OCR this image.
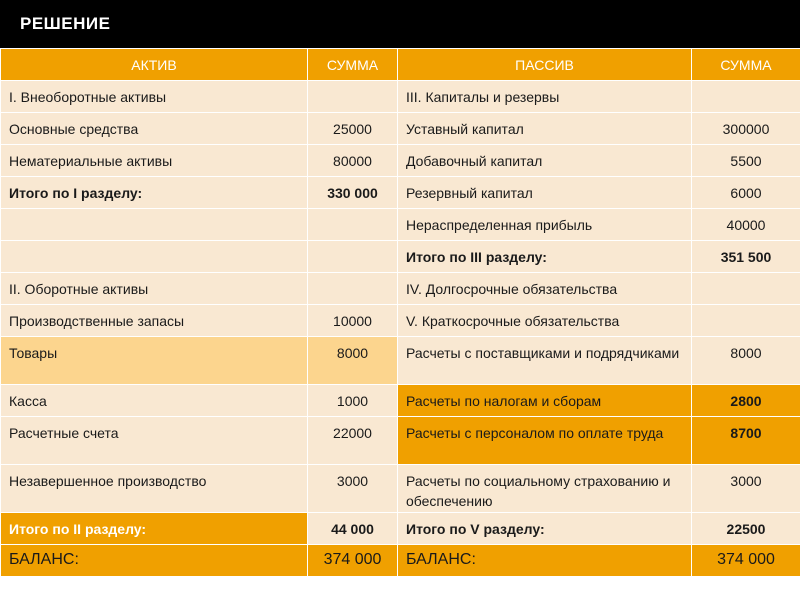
РЕШЕНИЕ
АКТИВ	СУММА	ПАССИВ	СУММА
I. Внеоборотные активы		III. Капиталы и резервы	
Основные средства	25000	Уставный капитал	300000
Нематериальные активы	80000	Добавочный капитал	5500
Итого по I разделу:	330 000	Резервный капитал	6000
		Нераспределенная прибыль	40000
		Итого по III разделу:	351 500
II. Оборотные активы		IV. Долгосрочные обязательства	
Производственные запасы	10000	V. Краткосрочные обязательства	
Товары	8000	Расчеты с поставщиками и подрядчиками	8000
Касса	1000	Расчеты по налогам и сборам	2800
Расчетные счета	22000	Расчеты с персоналом по оплате труда	8700
Незавершенное производство	3000	Расчеты по социальному страхованию и обеспечению	3000
Итого по II разделу:	44 000	Итого по V разделу:	22500
БАЛАНС:	374 000	БАЛАНС:	374 000
